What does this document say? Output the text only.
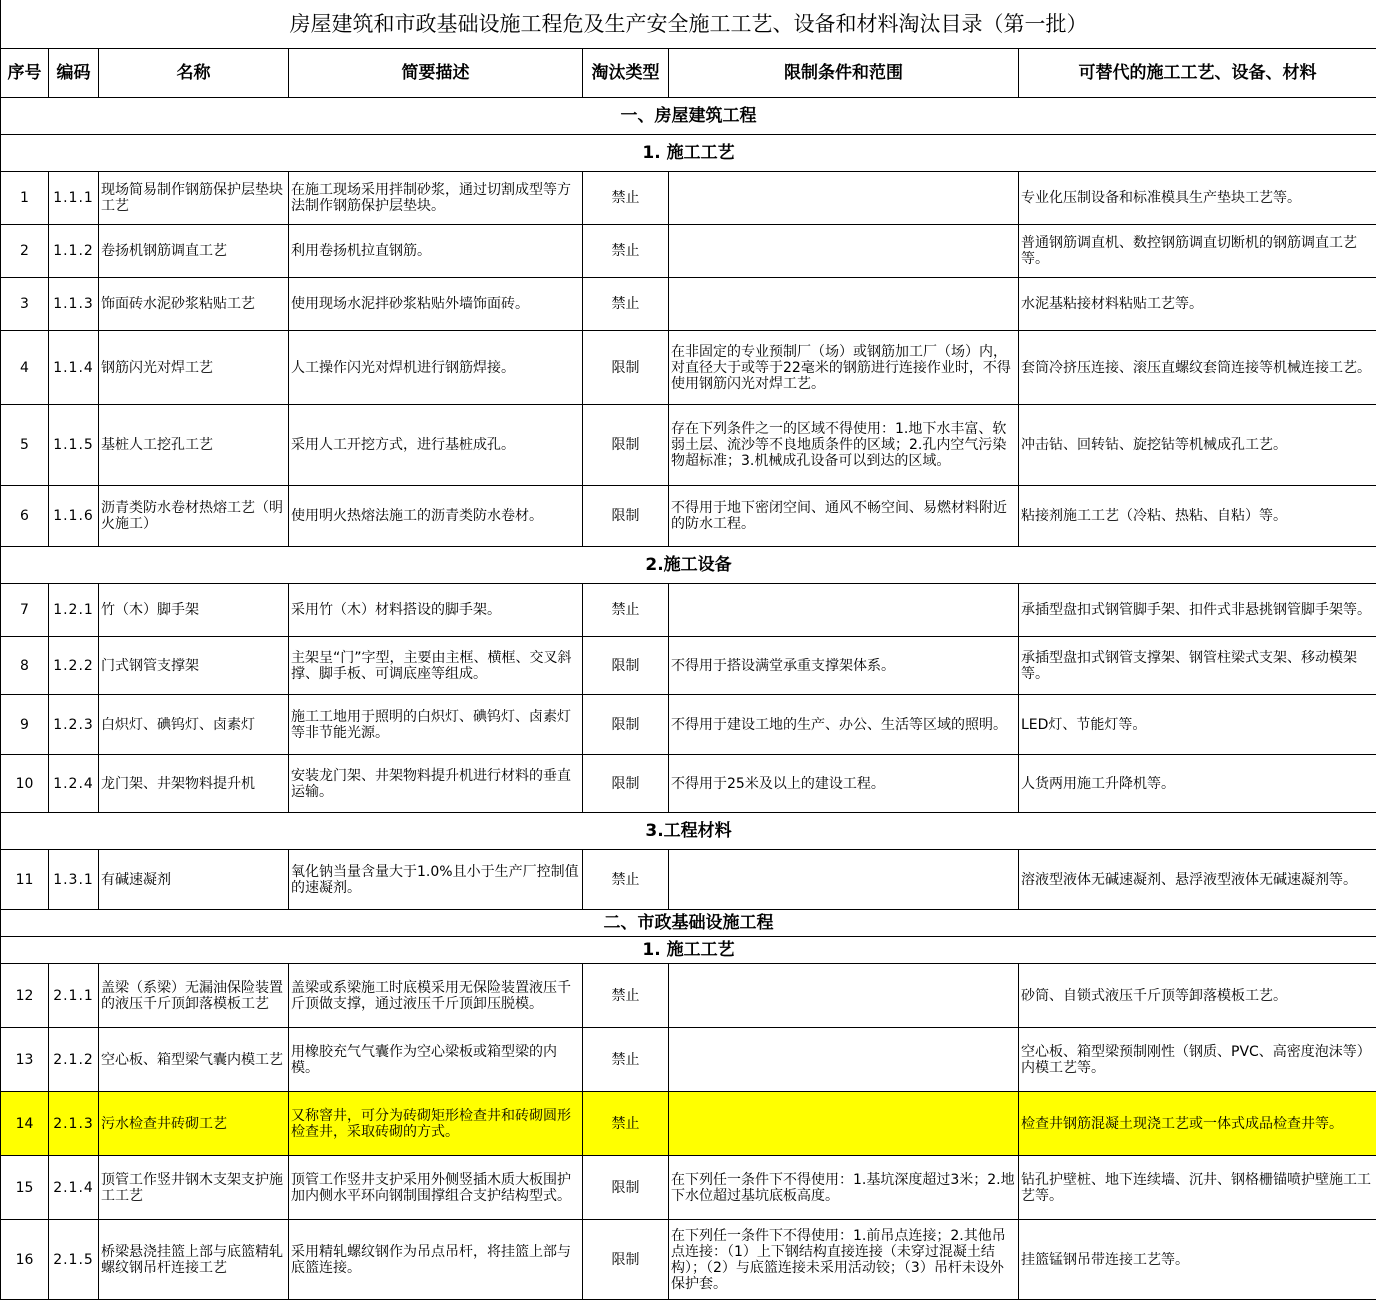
房屋建筑和市政基础设施工程危及生产安全施工工艺、设备和材料淘汰目录（第一批）						
序号	编码	名称	简要描述	淘汰类型	限制条件和范围	可替代的施工工艺、设备、材料
一、房屋建筑工程						
1. 施工工艺						
1	1.1.1	现场简易制作钢筋保护层垫块工艺	在施工现场采用拌制砂浆，通过切割成型等方法制作钢筋保护层垫块。	禁止		专业化压制设备和标准模具生产垫块工艺等。
2	1.1.2	卷扬机钢筋调直工艺	利用卷扬机拉直钢筋。	禁止		普通钢筋调直机、数控钢筋调直切断机的钢筋调直工艺等。
3	1.1.3	饰面砖水泥砂浆粘贴工艺	使用现场水泥拌砂浆粘贴外墙饰面砖。	禁止		水泥基粘接材料粘贴工艺等。
4	1.1.4	钢筋闪光对焊工艺	人工操作闪光对焊机进行钢筋焊接。	限制	在非固定的专业预制厂（场）或钢筋加工厂（场）内，对直径大于或等于22毫米的钢筋进行连接作业时，不得使用钢筋闪光对焊工艺。	套筒冷挤压连接、滚压直螺纹套筒连接等机械连接工艺。
5	1.1.5	基桩人工挖孔工艺	采用人工开挖方式，进行基桩成孔。	限制	存在下列条件之一的区域不得使用：1.地下水丰富、软弱土层、流沙等不良地质条件的区域；2.孔内空气污染物超标准；3.机械成孔设备可以到达的区域。	冲击钻、回转钻、旋挖钻等机械成孔工艺。
6	1.1.6	沥青类防水卷材热熔工艺（明火施工）	使用明火热熔法施工的沥青类防水卷材。	限制	不得用于地下密闭空间、通风不畅空间、易燃材料附近的防水工程。	粘接剂施工工艺（冷粘、热粘、自粘）等。
2.施工设备						
7	1.2.1	竹（木）脚手架	采用竹（木）材料搭设的脚手架。	禁止		承插型盘扣式钢管脚手架、扣件式非悬挑钢管脚手架等。
8	1.2.2	门式钢管支撑架	主架呈“门”字型，主要由主框、横框、交叉斜撑、脚手板、可调底座等组成。	限制	不得用于搭设满堂承重支撑架体系。	承插型盘扣式钢管支撑架、钢管柱梁式支架、移动模架等。
9	1.2.3	白炽灯、碘钨灯、卤素灯	施工工地用于照明的白炽灯、碘钨灯、卤素灯等非节能光源。	限制	不得用于建设工地的生产、办公、生活等区域的照明。	LED灯、节能灯等。
10	1.2.4	龙门架、井架物料提升机	安装龙门架、井架物料提升机进行材料的垂直运输。	限制	不得用于25米及以上的建设工程。	人货两用施工升降机等。
3.工程材料						
11	1.3.1	有碱速凝剂	氧化钠当量含量大于1.0%且小于生产厂控制值的速凝剂。	禁止		溶液型液体无碱速凝剂、悬浮液型液体无碱速凝剂等。
二、市政基础设施工程						
1. 施工工艺						
12	2.1.1	盖梁（系梁）无漏油保险装置的液压千斤顶卸落模板工艺	盖梁或系梁施工时底模采用无保险装置液压千斤顶做支撑，通过液压千斤顶卸压脱模。	禁止		砂筒、自锁式液压千斤顶等卸落模板工艺。
13	2.1.2	空心板、箱型梁气囊内模工艺	用橡胶充气气囊作为空心梁板或箱型梁的内模。	禁止		空心板、箱型梁预制刚性（钢质、PVC、高密度泡沫等）内模工艺等。
14	2.1.3	污水检查井砖砌工艺	又称窨井，可分为砖砌矩形检查井和砖砌圆形检查井，采取砖砌的方式。	禁止		检查井钢筋混凝土现浇工艺或一体式成品检查井等。
15	2.1.4	顶管工作竖井钢木支架支护施工工艺	顶管工作竖井支护采用外侧竖插木质大板围护加内侧水平环向钢制围撑组合支护结构型式。	限制	在下列任一条件下不得使用：1.基坑深度超过3米；2.地下水位超过基坑底板高度。	钻孔护壁桩、地下连续墙、沉井、钢格栅锚喷护壁施工工艺等。
16	2.1.5	桥梁悬浇挂篮上部与底篮精轧螺纹钢吊杆连接工艺	采用精轧螺纹钢作为吊点吊杆，将挂篮上部与底篮连接。	限制	在下列任一条件下不得使用：1.前吊点连接；2.其他吊点连接：（1）上下钢结构直接连接（未穿过混凝土结构）；（2）与底篮连接未采用活动铰；（3）吊杆未设外保护套。	挂篮锰钢吊带连接工艺等。
